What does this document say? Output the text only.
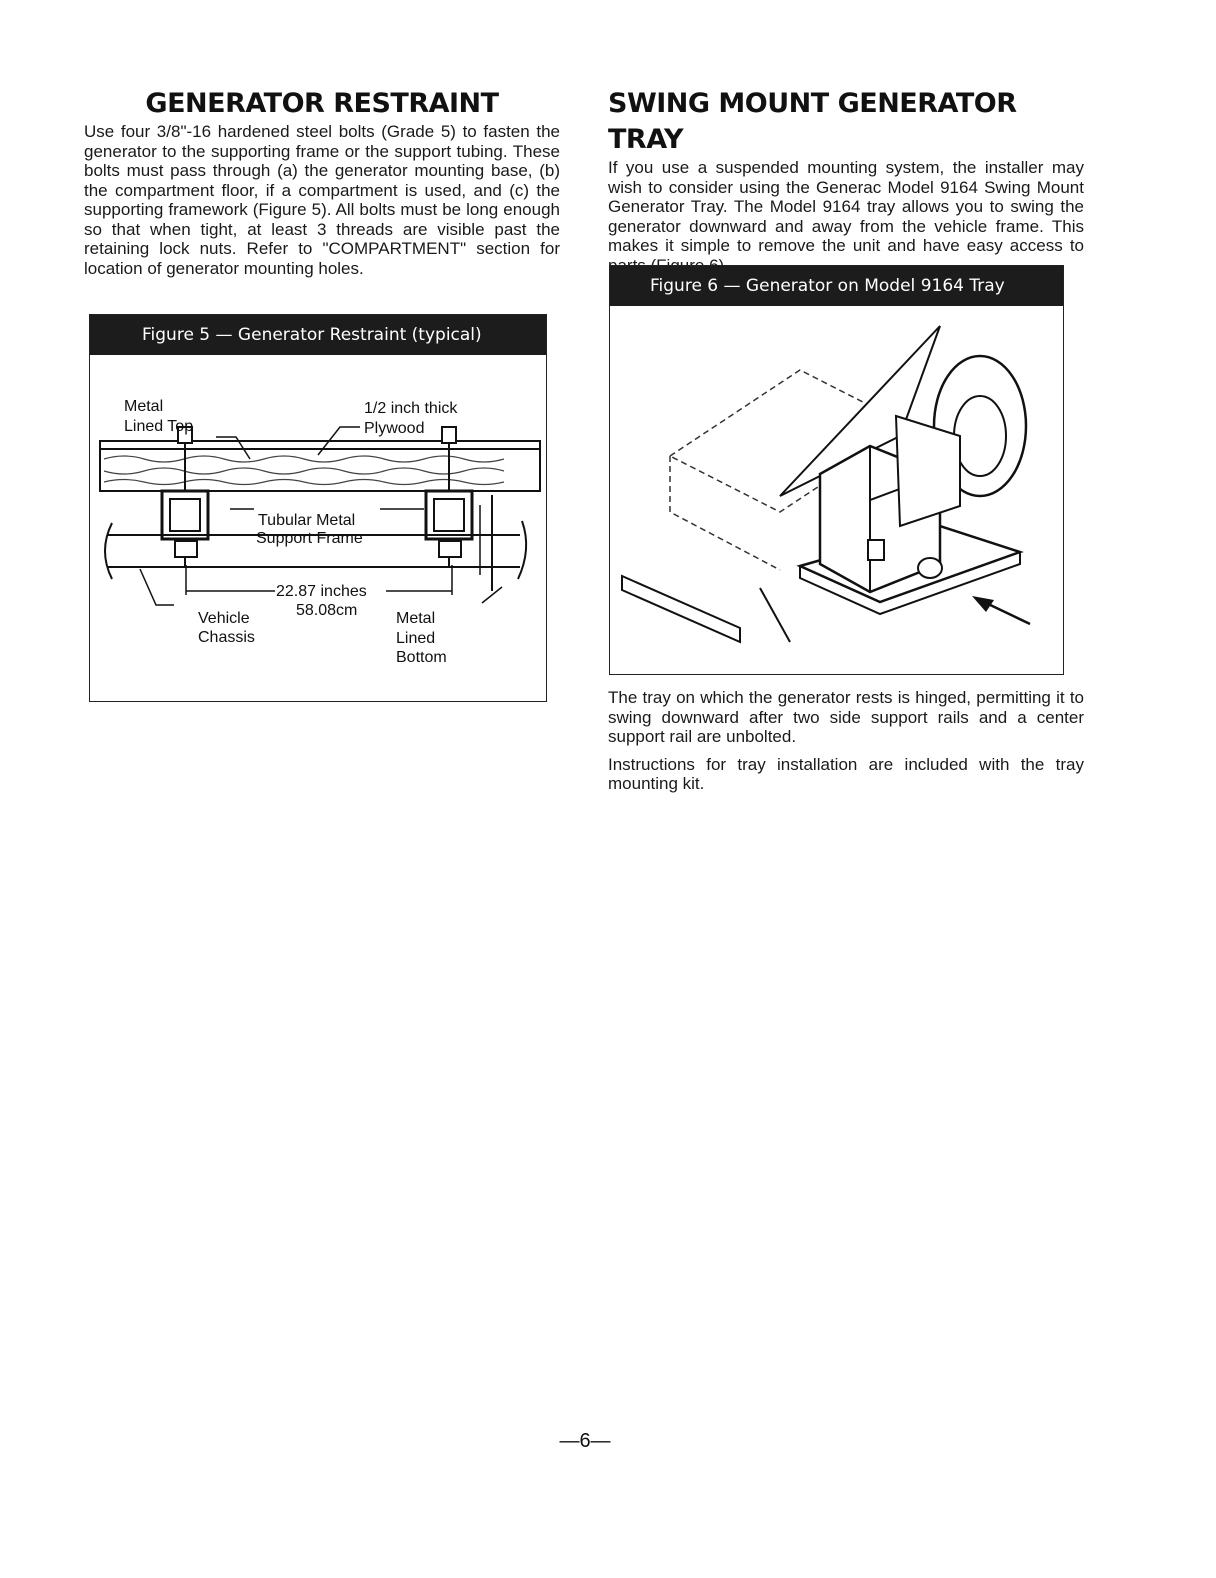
GENERATOR RESTRAINT

Use four 3/8"-16 hardened steel bolts (Grade 5) to fasten the generator to the supporting frame or the support tubing. These bolts must pass through (a) the generator mounting base, (b) the compartment floor, if a compartment is used, and (c) the supporting framework (Figure 5). All bolts must be long enough so that when tight, at least 3 threads are visible past the retaining lock nuts. Refer to "COMPARTMENT" section for location of generator mounting holes.

Figure 5 — Generator Restraint (typical)
Metal
Lined Top
1/2 inch thick
Plywood
Tubular Metal
Support Frame
22.87 inches
58.08cm
Vehicle
Chassis
Metal
Lined
Bottom
SWING MOUNT GENERATOR TRAY

If you use a suspended mounting system, the installer may wish to consider using the Generac Model 9164 Swing Mount Generator Tray. The Model 9164 tray allows you to swing the generator downward and away from the vehicle frame. This makes it simple to remove the unit and have easy access to

Figure 6 — Generator on Model 9164 Tray

The tray on which the generator rests is hinged, permitting it to swing downward after two side support rails and a center support rail are unbolted.

Instructions for tray installation are included with the tray mounting kit.

—6—
